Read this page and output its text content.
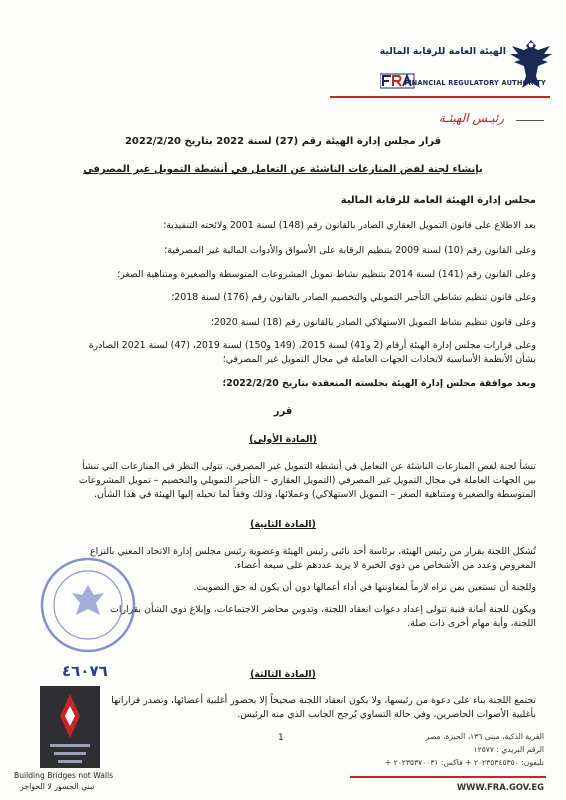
الهيئة العامة للرقابة المالية
FINANCIAL REGULATORY AUTHORITY
رئيـس الهيئـة
قرار مجلس إدارة الهيئة رقم (27) لسنة 2022 بتاريخ 2022/2/20
بإنشاء لجنة لفض المنازعات الناشئة عن التعامل في أنشطة التمويل غير المصرفي
مجلس إدارة الهيئة العامة للرقابة المالية
بعد الاطلاع على قانون التمويل العقاري الصادر بالقانون رقم (148) لسنة 2001 ولائحته التنفيذية؛
وعلى القانون رقم (10) لسنة 2009 بتنظيم الرقابة على الأسواق والأدوات المالية غير المصرفية؛
وعلى القانون رقم (141) لسنة 2014 بتنظيم نشاط تمويل المشروعات المتوسطة والصغيرة ومتناهية الصغر؛
وعلى قانون تنظيم نشاطي التأجير التمويلي والتخصيم الصادر بالقانون رقم (176) لسنة 2018؛
وعلى قانون تنظيم نشاط التمويل الاستهلاكي الصادر بالقانون رقم (18) لسنة 2020؛
وعلى قرارات مجلس إدارة الهيئة أرقام (2 و41) لسنة 2015، (149 و150) لسنة 2019، (47) لسنة 2021 الصادرة
بشأن الأنظمة الأساسية لاتحادات الجهات العاملة في مجال التمويل غير المصرفي؛
وبعد موافقة مجلس إدارة الهيئة بجلسته المنعقدة بتاريخ 2022/2/20؛
قرر
(المادة الأولى)
تنشأ لجنة لفض المنازعات الناشئة عن التعامل في أنشطة التمويل غير المصرفي، تتولى النظر في المنازعات التي تنشأ
بين الجهات العاملة في مجال التمويل غير المصرفي (التمويل العقاري – التأجير التمويلي والتخصيم – تمويل المشروعات
المتوسطة والصغيرة ومتناهية الصغر – التمويل الاستهلاكي) وعملائها، وذلك وفقاً لما تحيله إليها الهيئة في هذا الشأن.
(المادة الثانية)
تُشكل اللجنة بقرار من رئيس الهيئة، برئاسة أحد نائبي رئيس الهيئة وعضوية رئيس مجلس إدارة الاتحاد المعني بالنزاع
المعروض وعدد من الأشخاص من ذوي الخبرة لا يزيد عددهم على سبعة أعضاء.
وللجنة أن تستعين بمن تراه لازماً لمعاونتها في أداء أعمالها دون أن يكون له حق التصويت.
ويكون للجنة أمانة فنية تتولى إعداد دعوات انعقاد اللجنة، وتدوين محاضر الاجتماعات، وإبلاغ ذوي الشأن بقرارات
اللجنة، وأية مهام أخرى ذات صلة.
(المادة الثالثة)
تجتمع اللجنة بناء على دعوة من رئيسها، ولا يكون انعقاد اللجنة صحيحاً إلا بحضور أغلبية أعضائها، وتصدر قراراتها
بأغلبية الأصوات الحاضرين، وفي حالة التساوي يُرجح الجانب الذي منه الرئيس.
٤٦٠٧٦
Building Bridges not Walls
نبني الجسور لا الحواجز
1	القرية الذكية، مبنى ١٣٦، الجيزة، مصر
الرقم البريدي : ١٢٥٧٧
تليفون: ٢٠٢٣٥٣٤٥٣٥٠ + فاكس: ٢٠٢٣٥٣٧٠٠٣١ +
WWW.FRA.GOV.EG
